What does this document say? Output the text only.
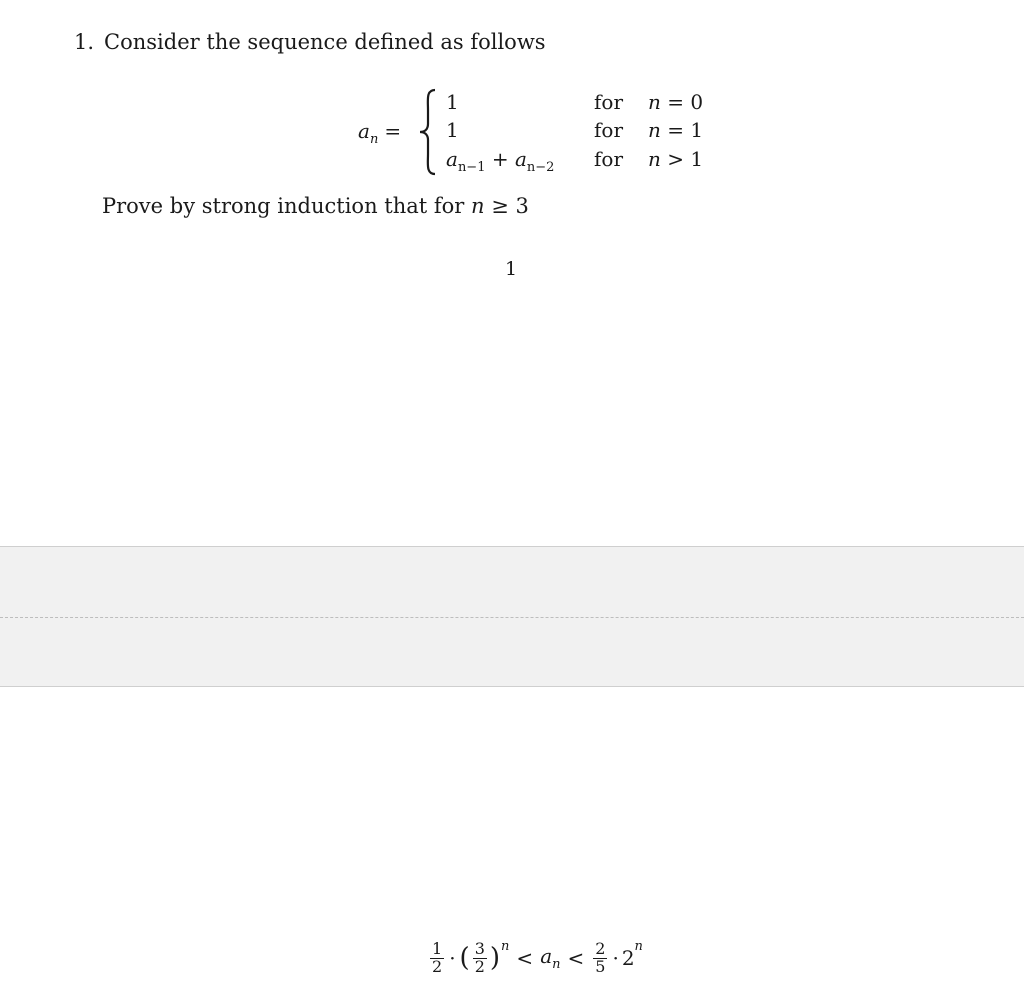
1. Consider the sequence defined as follows
$a_n$ =
1	for n = 0
1	for n = 1
$a_{n-1} + a_{n-2}$ for n > 1
Prove by strong induction that for n ≥ 3
1
$\frac{1}{2}$ · ( $\frac{3}{2}$ ) $n < a_n < \frac{2}{5} \cdot 2$ n
